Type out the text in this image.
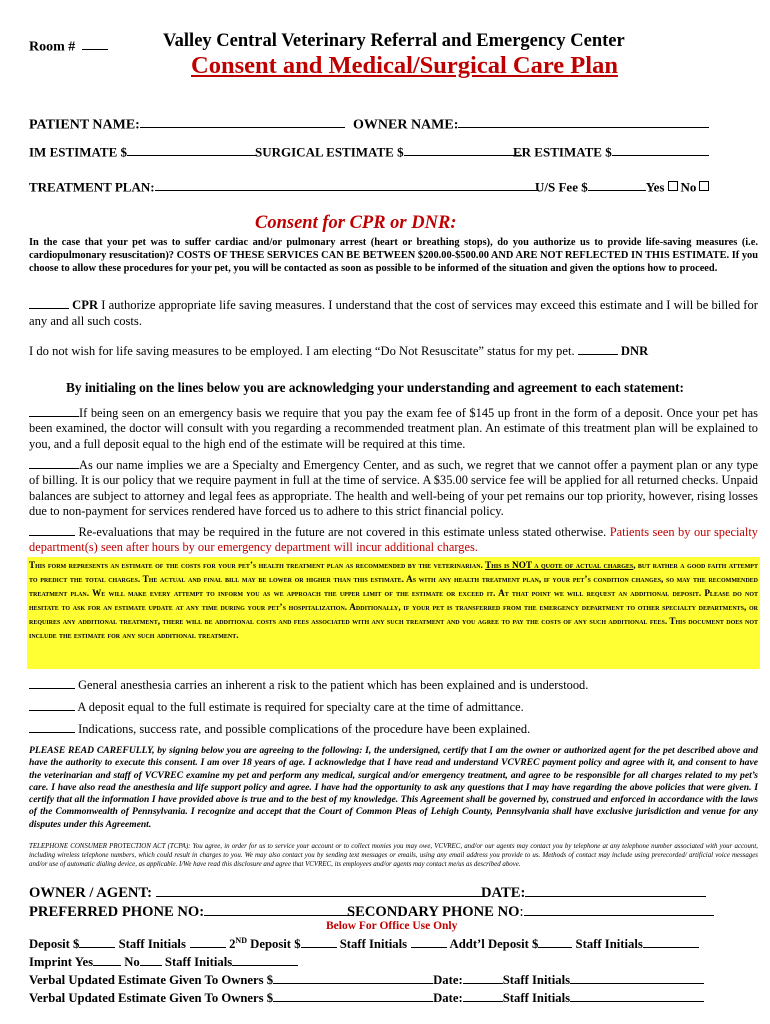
Room #	Valley Central Veterinary Referral and Emergency Center
Consent and Medical/Surgical Care Plan
PATIENT NAME:	OWNER NAME:
IM ESTIMATE $	SURGICAL ESTIMATE $	ER ESTIMATE $
TREATMENT PLAN:	U/S Fee $	Yes No
Consent for CPR or DNR:

In the case that your pet was to suffer cardiac and/or pulmonary arrest (heart or breathing stops), do you authorize us to provide life-saving measures (i.e. cardiopulmonary resuscitation)? COSTS OF THESE SERVICES CAN BE BETWEEN $200.00-$500.00 AND ARE NOT REFLECTED IN THIS ESTIMATE. If you choose to allow these procedures for your pet, you will be contacted as soon as possible to be informed of the situation and given the options how to proceed.

CPR I authorize appropriate life saving measures. I understand that the cost of services may exceed this estimate and I will be billed for any and all such costs.

I do not wish for life saving measures to be employed. I am electing “Do Not Resuscitate” status for my pet.	DNR

By initialing on the lines below you are acknowledging your understanding and agreement to each statement:

If being seen on an emergency basis we require that you pay the exam fee of $145 up front in the form of a deposit. Once your pet has been examined, the doctor will consult with you regarding a recommended treatment plan. An estimate of this treatment plan will be explained to you, and a full deposit equal to the high end of the estimate will be required at this time.

As our name implies we are a Specialty and Emergency Center, and as such, we regret that we cannot offer a payment plan or any type of billing. It is our policy that we require payment in full at the time of service. A $35.00 service fee will be applied for all returned checks. Unpaid balances are subject to attorney and legal fees as appropriate. The health and well-being of your pet remains our top priority, however, rising losses due to non-payment for services rendered have forced us to adhere to this strict financial policy.

Re-evaluations that may be required in the future are not covered in this estimate unless stated otherwise. Patients seen by our specialty department(s) seen after hours by our emergency department will incur additional charges.

This form represents an estimate of the costs for your pet’s health treatment plan as recommended by the veterinarian. This is NOT a quote of actual charges, but rather a good faith attempt to predict the total charges. The actual and final bill may be lower or higher than this estimate. As with any health treatment plan, if your pet’s condition changes, so may the recommended treatment plan. We will make every attempt to inform you as we approach the upper limit of the estimate or exceed it. At that point we will request an additional deposit. Please do not hesitate to ask for an estimate update at any time during your pet’s hospitalization. Additionally, if your pet is transferred from the emergency department to other specialty departments, or requires any additional treatment, there will be additional costs and fees associated with any such treatment and you agree to pay the costs of any such additional fees. This document does not include the estimate for any such additional treatment.

General anesthesia carries an inherent a risk to the patient which has been explained and is understood.

A deposit equal to the full estimate is required for specialty care at the time of admittance.

Indications, success rate, and possible complications of the procedure have been explained.

PLEASE READ CAREFULLY, by signing below you are agreeing to the following: I, the undersigned, certify that I am the owner or authorized agent for the pet described above and have the authority to execute this consent. I am over 18 years of age. I acknowledge that I have read and understand VCVREC payment policy and agree with it, and consent to have the veterinarian and staff of VCVREC examine my pet and perform any medical, surgical and/or emergency treatment, and agree to be responsible for all charges related to my pet’s care. I have also read the anesthesia and life support policy and agree. I have had the opportunity to ask any questions that I may have regarding the above policies that were given. I certify that all the information I have provided above is true and to the best of my knowledge. This Agreement shall be governed by, construed and enforced in accordance with the laws of the Commonwealth of Pennsylvania. I recognize and accept that the Court of Common Pleas of Lehigh County, Pennsylvania shall have exclusive jurisdiction and venue for any disputes under this Agreement.

TELEPHONE CONSUMER PROTECTION ACT (TCPA): You agree, in order for us to service your account or to collect monies you may owe, VCVREC, and/or our agents may contact you by telephone at any telephone number associated with your account, including wireless telephone numbers, which could result in charges to you. We may also contact you by sending text messages or emails, using any email address you provide to us. Methods of contact may include using prerecorded/ artificial voice messages and/or use of automatic dialing device, as applicable. I/We have read this disclosure and agree that VCVREC, its employees and/or agents may contact me/us as described above.

OWNER / AGENT:	DATE:
PREFERRED PHONE NO:	SECONDARY PHONE NO:
Below For Office Use Only
Deposit $	Staff Initials	2ND Deposit $	Staff Initials	Addt’l Deposit $	Staff Initials
Imprint Yes No Staff Initials
Verbal Updated Estimate Given To Owners $	Date:	Staff Initials
Verbal Updated Estimate Given To Owners $	Date:	Staff Initials
